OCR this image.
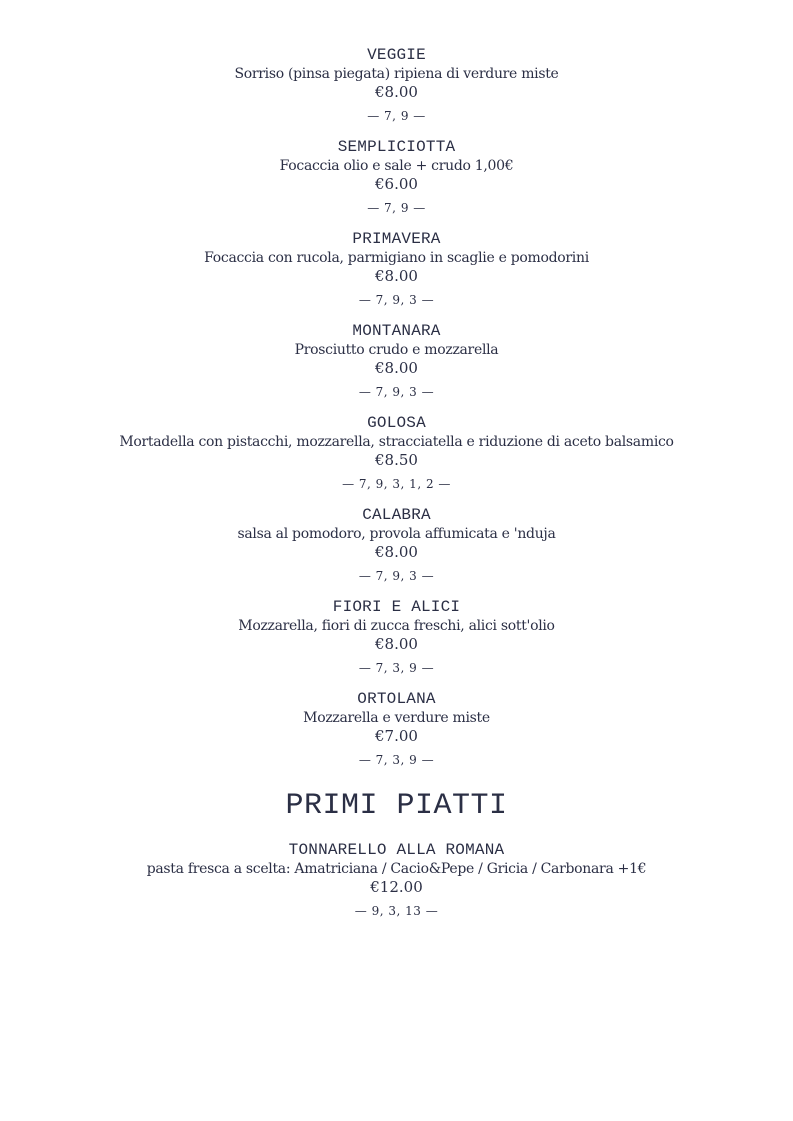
VEGGIE
Sorriso (pinsa piegata) ripiena di verdure miste
€8.00
— 7, 9 —
SEMPLICIOTTA
Focaccia olio e sale + crudo 1,00€
€6.00
— 7, 9 —
PRIMAVERA
Focaccia con rucola, parmigiano in scaglie e pomodorini
€8.00
— 7, 9, 3 —
MONTANARA
Prosciutto crudo e mozzarella
€8.00
— 7, 9, 3 —
GOLOSA
Mortadella con pistacchi, mozzarella, stracciatella e riduzione di aceto balsamico
€8.50
— 7, 9, 3, 1, 2 —
CALABRA
salsa al pomodoro, provola affumicata e 'nduja
€8.00
— 7, 9, 3 —
FIORI E ALICI
Mozzarella, fiori di zucca freschi, alici sott'olio
€8.00
— 7, 3, 9 —
ORTOLANA
Mozzarella e verdure miste
€7.00
— 7, 3, 9 —
PRIMI PIATTI
TONNARELLO ALLA ROMANA
pasta fresca a scelta: Amatriciana / Cacio&Pepe / Gricia / Carbonara +1€
€12.00
— 9, 3, 13 —
